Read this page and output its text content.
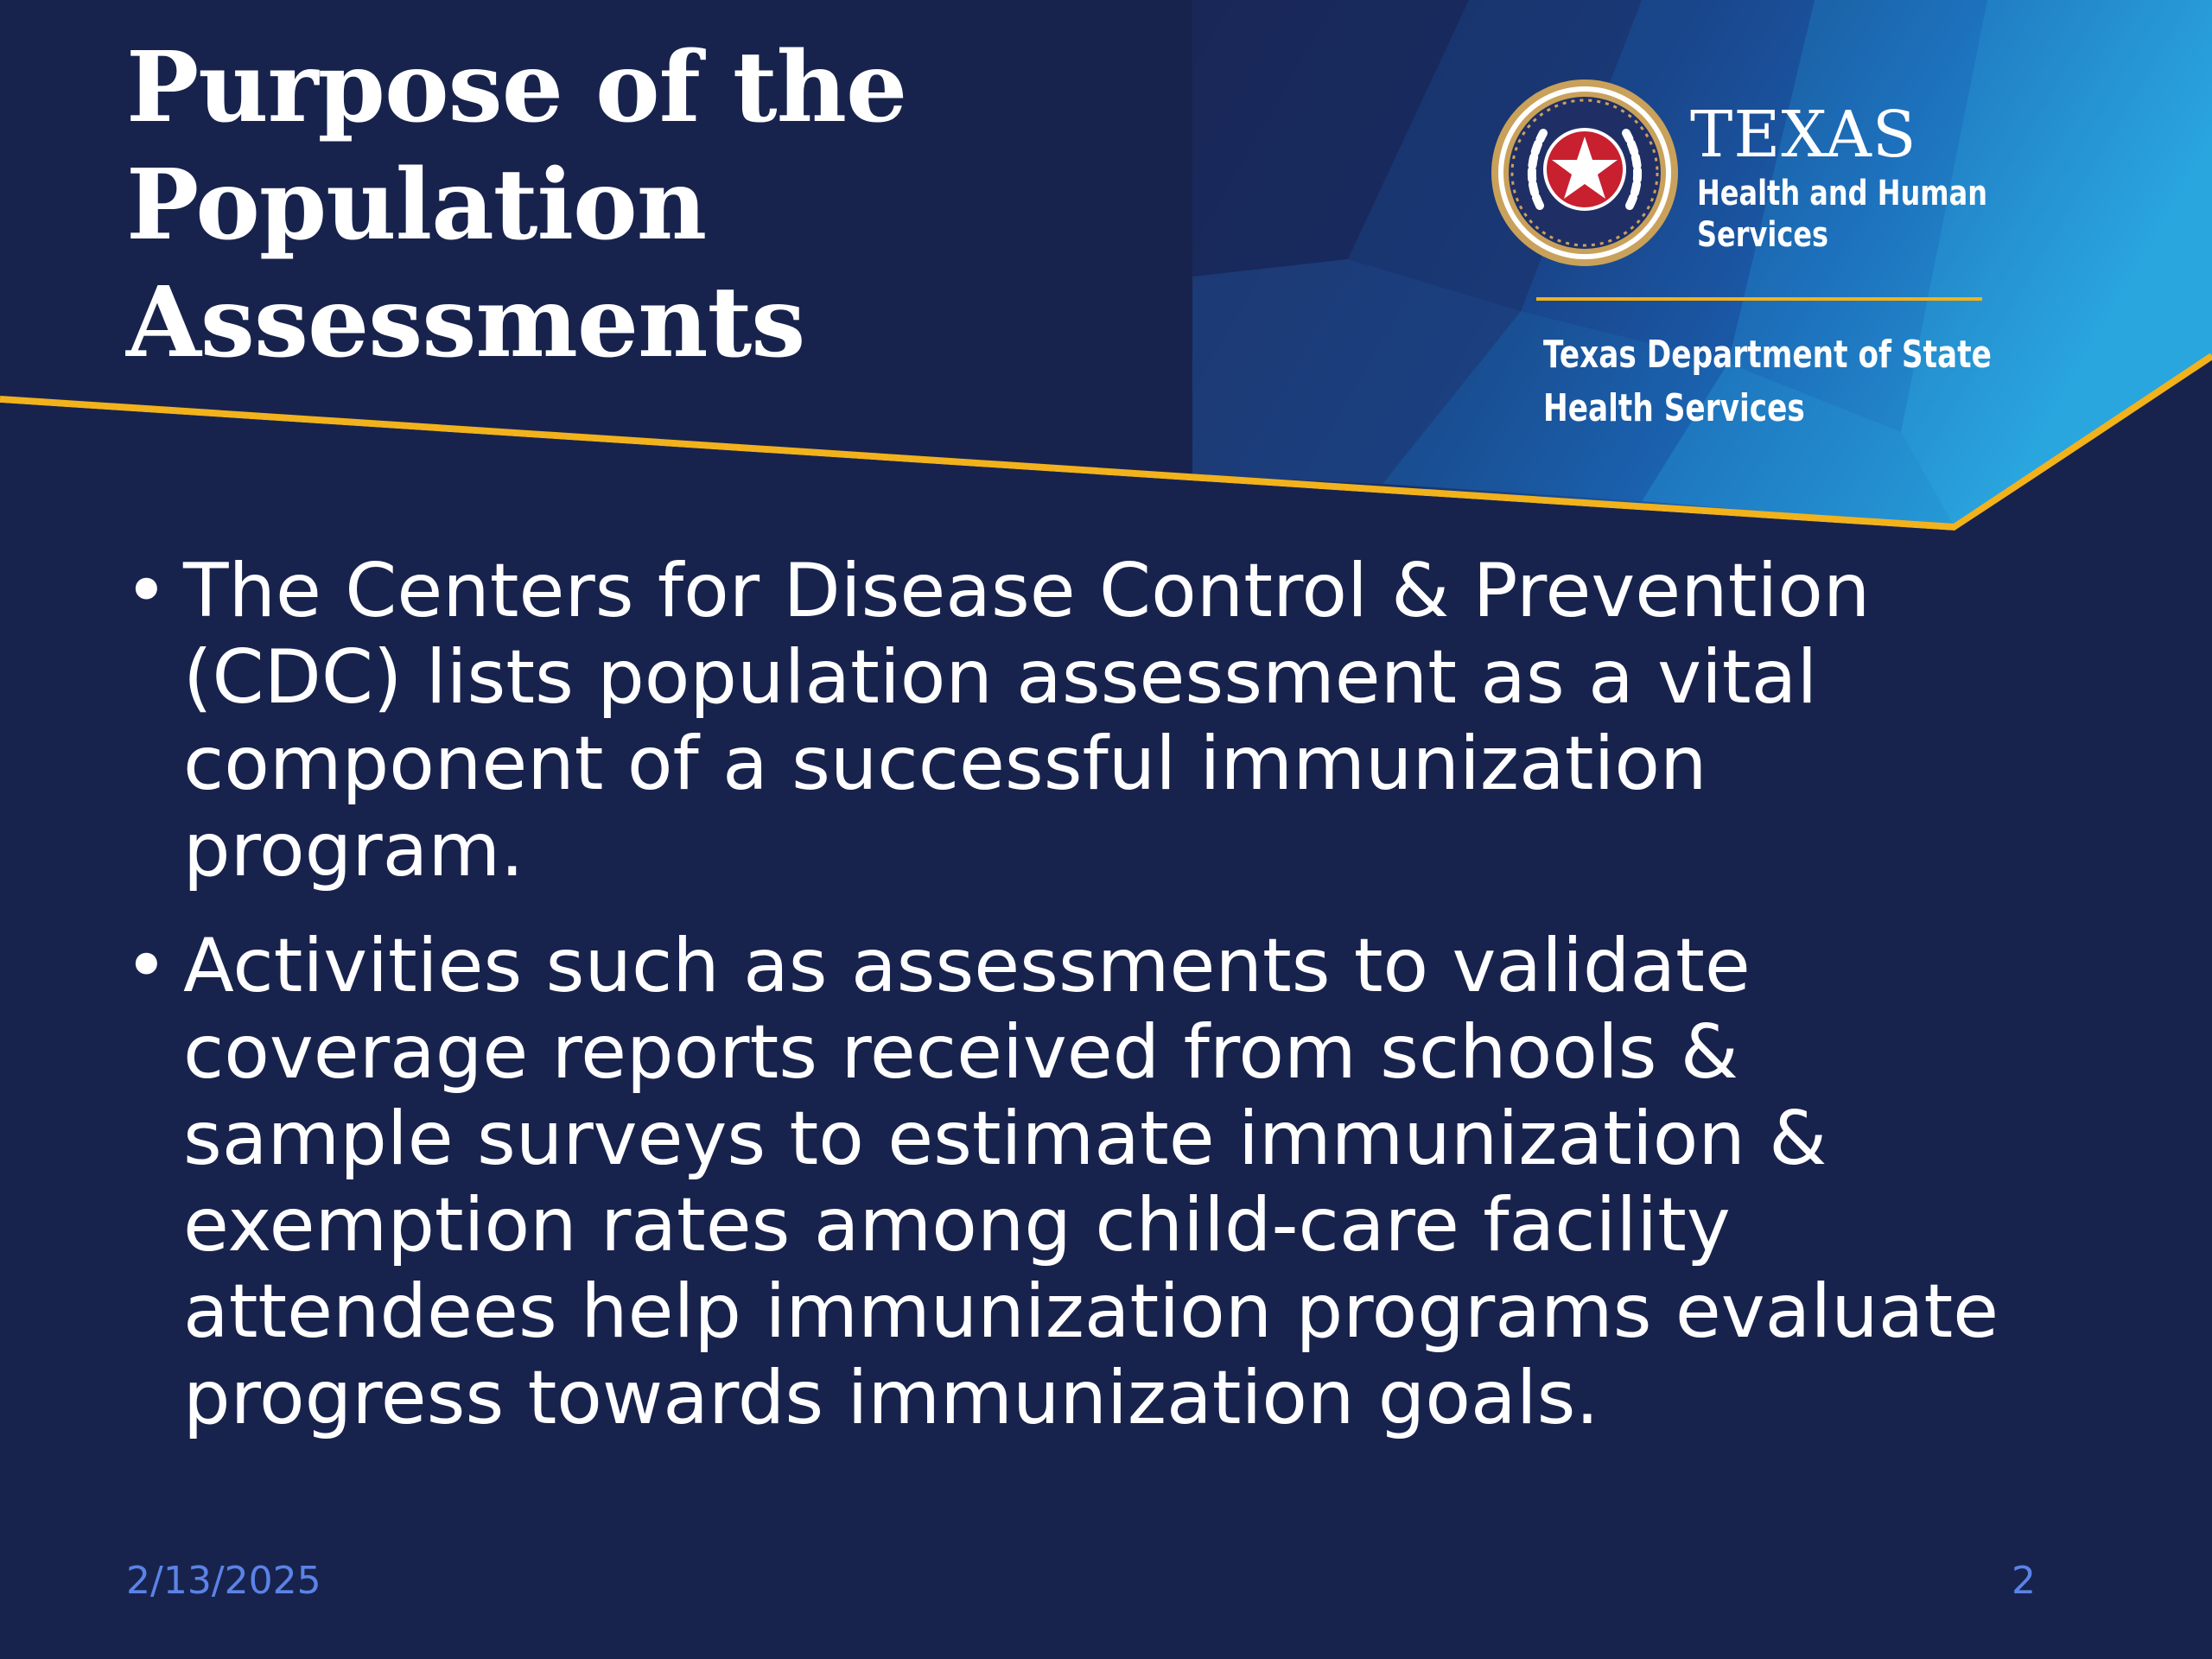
Purpose of the
Population
Assessments
TEXAS
Health and Human
Services
Texas Department of State
Health Services
• The Centers for Disease Control & Prevention
(CDC) lists population assessment as a vital
component of a successful immunization
program.
• Activities such as assessments to validate
coverage reports received from schools &
sample surveys to estimate immunization &
exemption rates among child-care facility
attendees help immunization programs evaluate
progress towards immunization goals.
2/13/2025	2
